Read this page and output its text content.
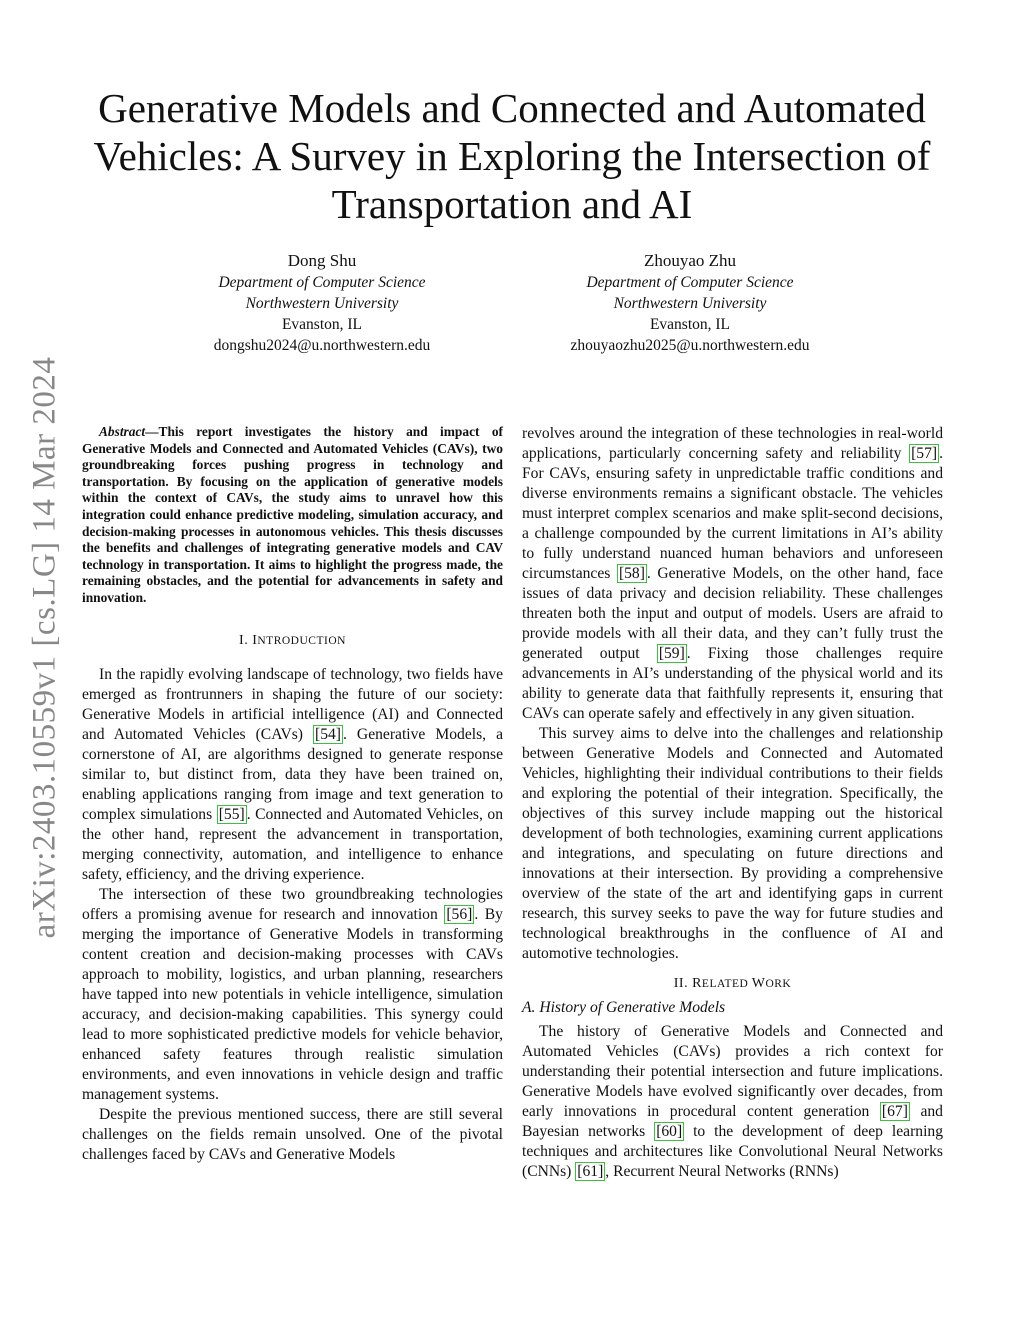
arXiv:2403.10559v1 [cs.LG] 14 Mar 2024
Generative Models and Connected and Automated Vehicles: A Survey in Exploring the Intersection of Transportation and AI
Dong Shu
Department of Computer Science
Northwestern University
Evanston, IL
dongshu2024@u.northwestern.edu
Zhouyao Zhu
Department of Computer Science
Northwestern University
Evanston, IL
zhouyaozhu2025@u.northwestern.edu

Abstract—This report investigates the history and impact of Generative Models and Connected and Automated Vehicles (CAVs), two groundbreaking forces pushing progress in technology and transportation. By focusing on the application of generative models within the context of CAVs, the study aims to unravel how this integration could enhance predictive modeling, simulation accuracy, and decision-making processes in autonomous vehicles. This thesis discusses the benefits and challenges of integrating generative models and CAV technology in transportation. It aims to highlight the progress made, the remaining obstacles, and the potential for advancements in safety and innovation.

I. INTRODUCTION

In the rapidly evolving landscape of technology, two fields have emerged as frontrunners in shaping the future of our society: Generative Models in artificial intelligence (AI) and Connected and Automated Vehicles (CAVs) [54] . Generative Models, a cornerstone of AI, are algorithms designed to generate response similar to, but distinct from, data they have been trained on, enabling applications ranging from image and text generation to complex simulations [55] . Connected and Automated Vehicles, on the other hand, represent the advancement in transportation, merging connectivity, automation, and intelligence to enhance safety, efficiency, and the driving experience.

The intersection of these two groundbreaking technologies offers a promising avenue for research and innovation [56] . By merging the importance of Generative Models in transforming content creation and decision-making processes with CAVs approach to mobility, logistics, and urban planning, researchers have tapped into new potentials in vehicle intelligence, simulation accuracy, and decision-making capabilities. This synergy could lead to more sophisticated predictive models for vehicle behavior, enhanced safety features through realistic simulation environments, and even innovations in vehicle design and traffic management systems.

Despite the previous mentioned success, there are still several challenges on the fields remain unsolved. One of the pivotal challenges faced by CAVs and Generative Models

revolves around the integration of these technologies in real-world applications, particularly concerning safety and reliability [57] . For CAVs, ensuring safety in unpredictable traffic conditions and diverse environments remains a significant obstacle. The vehicles must interpret complex scenarios and make split-second decisions, a challenge compounded by the current limitations in AI’s ability to fully understand nuanced human behaviors and unforeseen circumstances [58] . Generative Models, on the other hand, face issues of data privacy and decision reliability. These challenges threaten both the input and output of models. Users are afraid to provide models with all their data, and they can’t fully trust the generated output [59] . Fixing those challenges require advancements in AI’s understanding of the physical world and its ability to generate data that faithfully represents it, ensuring that CAVs can operate safely and effectively in any given situation.

This survey aims to delve into the challenges and relationship between Generative Models and Connected and Automated Vehicles, highlighting their individual contributions to their fields and exploring the potential of their integration. Specifically, the objectives of this survey include mapping out the historical development of both technologies, examining current applications and integrations, and speculating on future directions and innovations at their intersection. By providing a comprehensive overview of the state of the art and identifying gaps in current research, this survey seeks to pave the way for future studies and technological breakthroughs in the confluence of AI and automotive technologies.

II. RELATED WORK
A. History of Generative Models

The history of Generative Models and Connected and Automated Vehicles (CAVs) provides a rich context for understanding their potential intersection and future implications. Generative Models have evolved significantly over decades, from early innovations in procedural content generation [67] and Bayesian networks [60] to the development of deep learning techniques and architectures like Convolutional Neural Networks (CNNs) [61] , Recurrent Neural Networks (RNNs)
